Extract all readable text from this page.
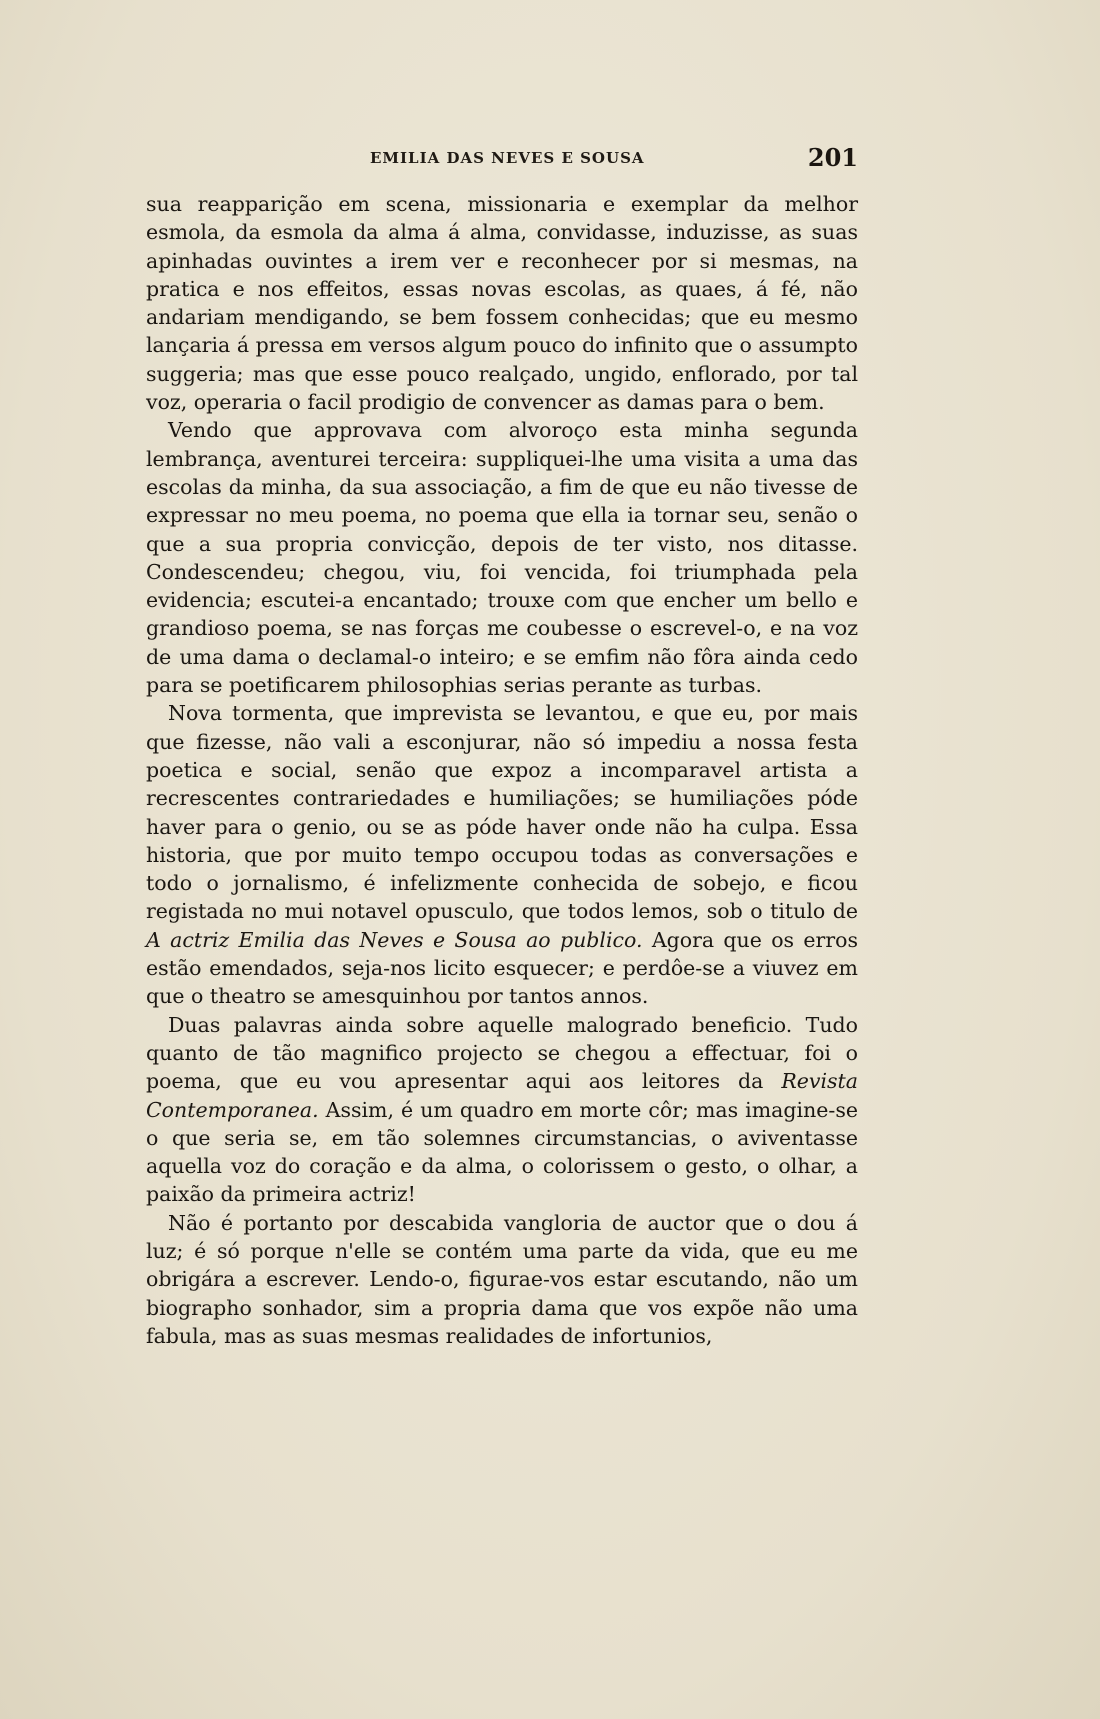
EMILIA DAS NEVES E SOUSA	201

sua reapparição em scena, missionaria e exemplar da melhor esmola, da esmola da alma á alma, convidasse, induzisse, as suas apinhadas ouvintes a irem ver e reconhecer por si mesmas, na pratica e nos effeitos, essas novas escolas, as quaes, á fé, não andariam mendigando, se bem fossem conhecidas; que eu mesmo lançaria á pressa em versos algum pouco do infinito que o assumpto suggeria; mas que esse pouco realçado, ungido, enflorado, por tal voz, operaria o facil prodigio de convencer as damas para o bem.

Vendo que approvava com alvoroço esta minha segunda lembrança, aventurei terceira: suppliquei-lhe uma visita a uma das escolas da minha, da sua associação, a fim de que eu não tivesse de expressar no meu poema, no poema que ella ia tornar seu, senão o que a sua propria convicção, depois de ter visto, nos ditasse. Condescendeu; chegou, viu, foi vencida, foi triumphada pela evidencia; escutei-a encantado; trouxe com que encher um bello e grandioso poema, se nas forças me coubesse o escrevel-o, e na voz de uma dama o declamal-o inteiro; e se emfim não fôra ainda cedo para se poetificarem philosophias serias perante as turbas.

Nova tormenta, que imprevista se levantou, e que eu, por mais que fizesse, não vali a esconjurar, não só impediu a nossa festa poetica e social, senão que expoz a incomparavel artista a recrescentes contrariedades e humiliações; se humiliações póde haver para o genio, ou se as póde haver onde não ha culpa. Essa historia, que por muito tempo occupou todas as conversações e todo o jornalismo, é infelizmente conhecida de sobejo, e ficou registada no mui notavel opusculo, que todos lemos, sob o titulo de A actriz Emilia das Neves e Sousa ao publico. Agora que os erros estão emendados, seja-nos licito esquecer; e perdôe-se a viuvez em que o theatro se amesquinhou por tantos annos.

Duas palavras ainda sobre aquelle malogrado beneficio. Tudo quanto de tão magnifico projecto se chegou a effectuar, foi o poema, que eu vou apresentar aqui aos leitores da Revista Contemporanea. Assim, é um quadro em morte côr; mas imagine-se o que seria se, em tão solemnes circumstancias, o aviventasse aquella voz do coração e da alma, o colorissem o gesto, o olhar, a paixão da primeira actriz!

Não é portanto por descabida vangloria de auctor que o dou á luz; é só porque n'elle se contém uma parte da vida, que eu me obrigára a escrever. Lendo-o, figurae-vos estar escutando, não um biographo sonhador, sim a propria dama que vos expõe não uma fabula, mas as suas mesmas realidades de infortunios,
